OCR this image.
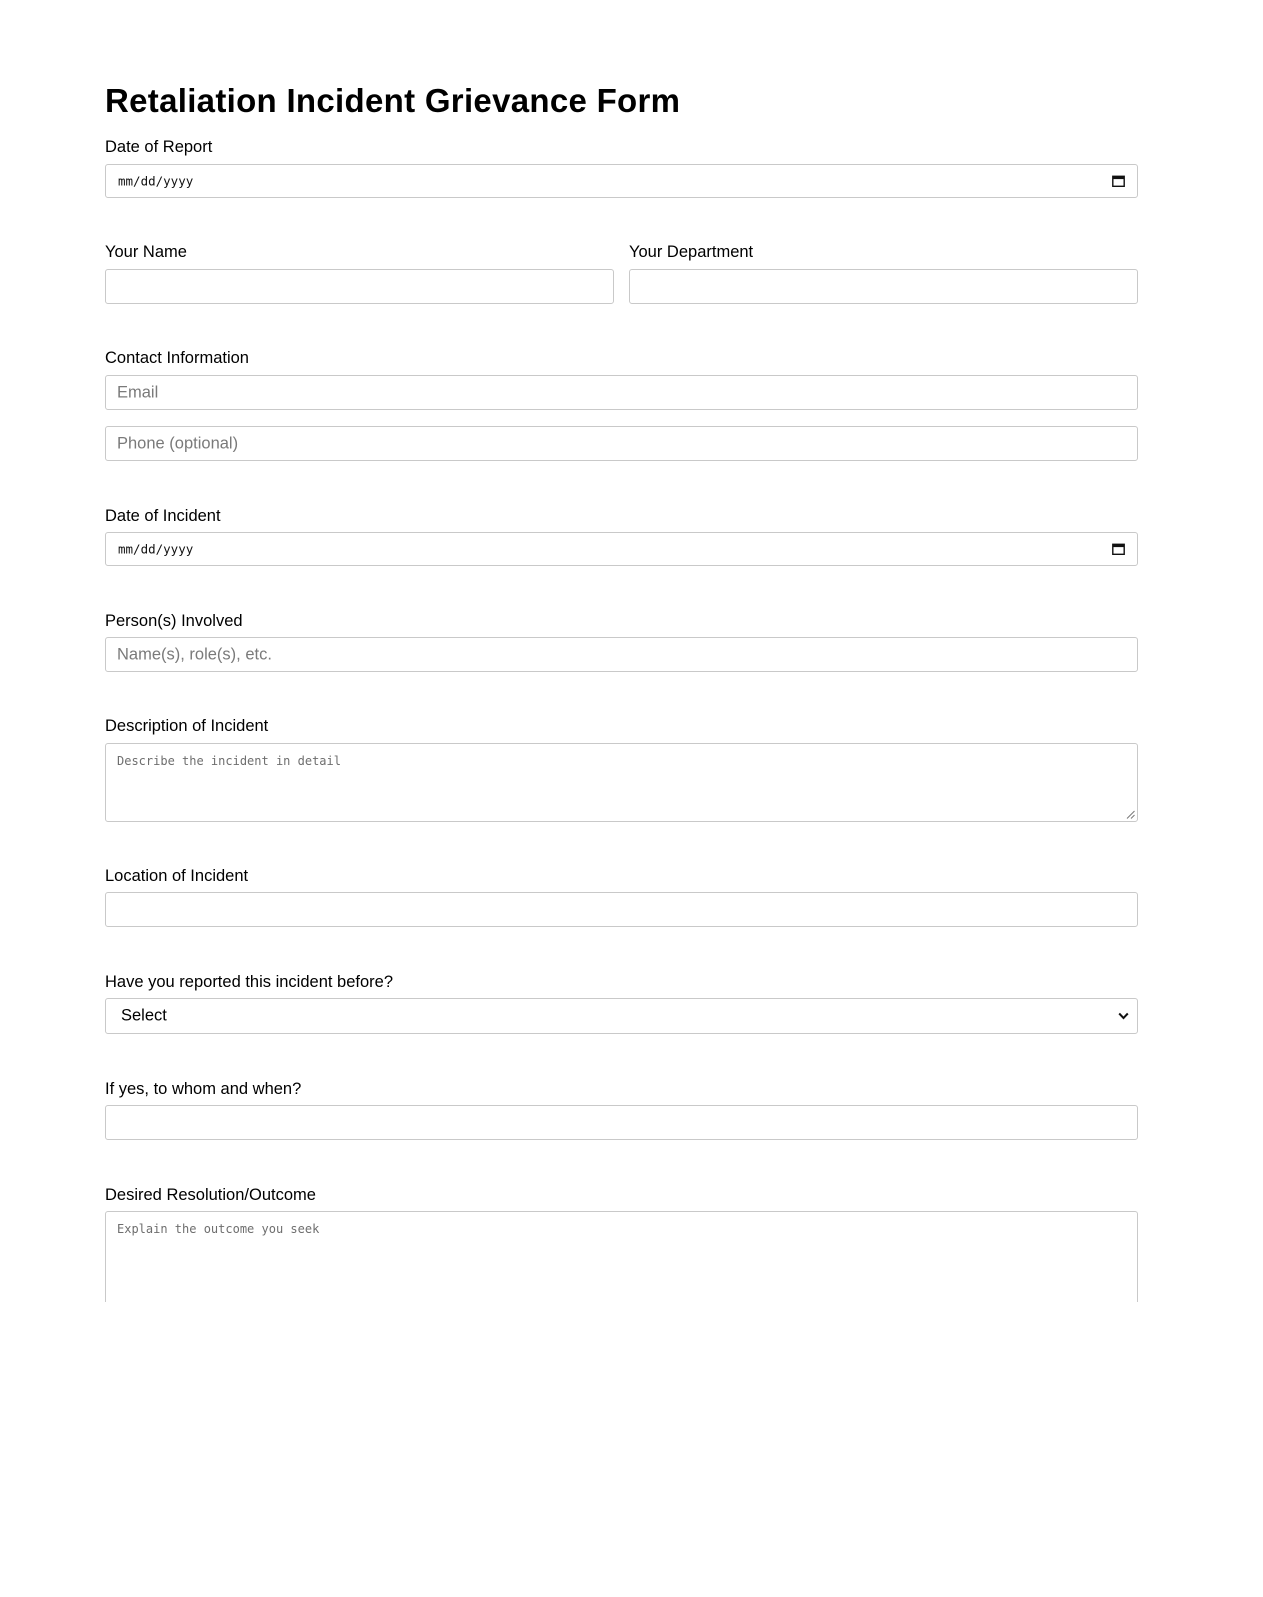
Retaliation Incident Grievance Form
Date of Report
mm/dd/yyyy
Your Name	Your Department
Contact Information
Email
Phone (optional)
Date of Incident
mm/dd/yyyy
Person(s) Involved
Name(s), role(s), etc.
Description of Incident
Describe the incident in detail
Location of Incident
Have you reported this incident before?
Select
If yes, to whom and when?
Desired Resolution/Outcome
Explain the outcome you seek
